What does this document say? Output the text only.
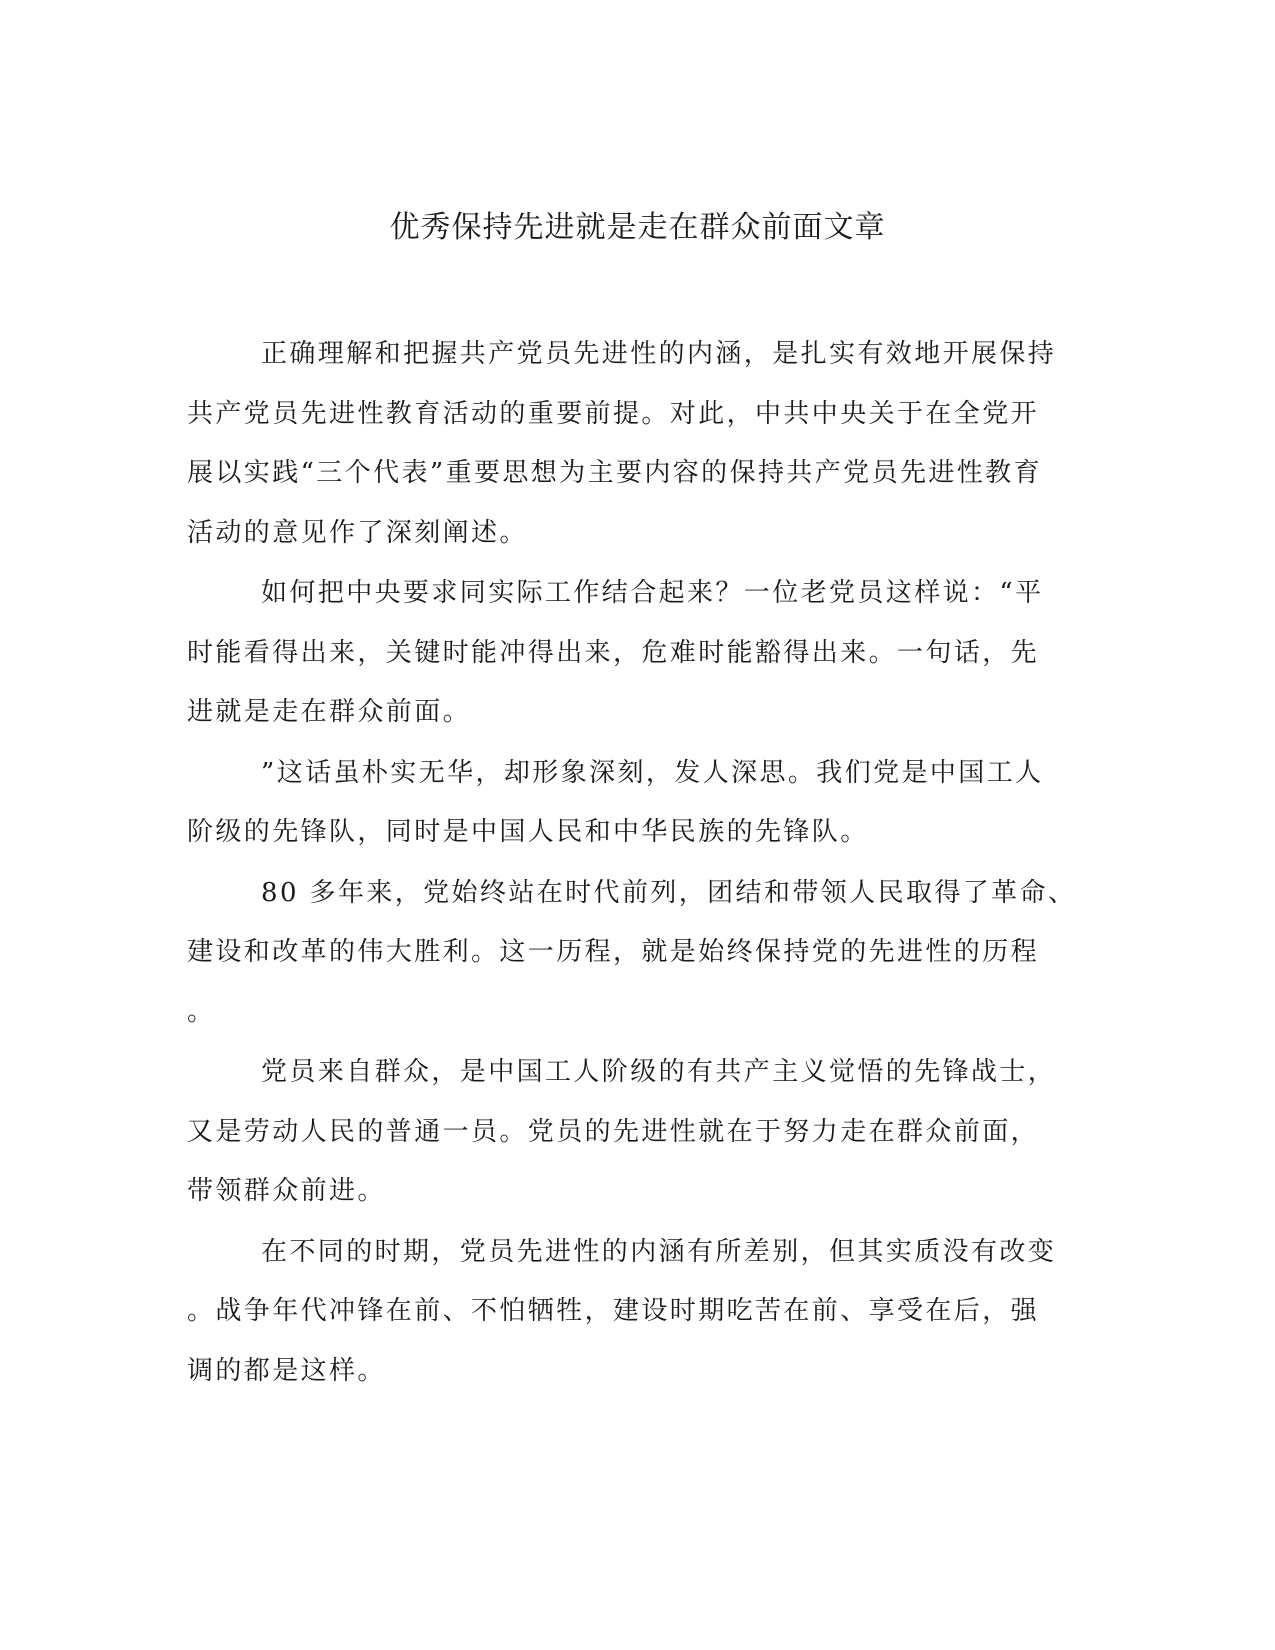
优秀保持先进就是走在群众前面文章

正确理解和把握共产党员先进性的内涵，是扎实有效地开展保持
共产党员先进性教育活动的重要前提。对此，中共中央关于在全党开
展以实践“三个代表”重要思想为主要内容的保持共产党员先进性教育
活动的意见作了深刻阐述。

如何把中央要求同实际工作结合起来？一位老党员这样说：“平
时能看得出来，关键时能冲得出来，危难时能豁得出来。一句话，先
进就是走在群众前面。

”这话虽朴实无华，却形象深刻，发人深思。我们党是中国工人
阶级的先锋队，同时是中国人民和中华民族的先锋队。

80 多年来，党始终站在时代前列，团结和带领人民取得了革命、
建设和改革的伟大胜利。这一历程，就是始终保持党的先进性的历程
。

党员来自群众，是中国工人阶级的有共产主义觉悟的先锋战士，
又是劳动人民的普通一员。党员的先进性就在于努力走在群众前面，
带领群众前进。

在不同的时期，党员先进性的内涵有所差别，但其实质没有改变
。战争年代冲锋在前、不怕牺牲，建设时期吃苦在前、享受在后，强
调的都是这样。
